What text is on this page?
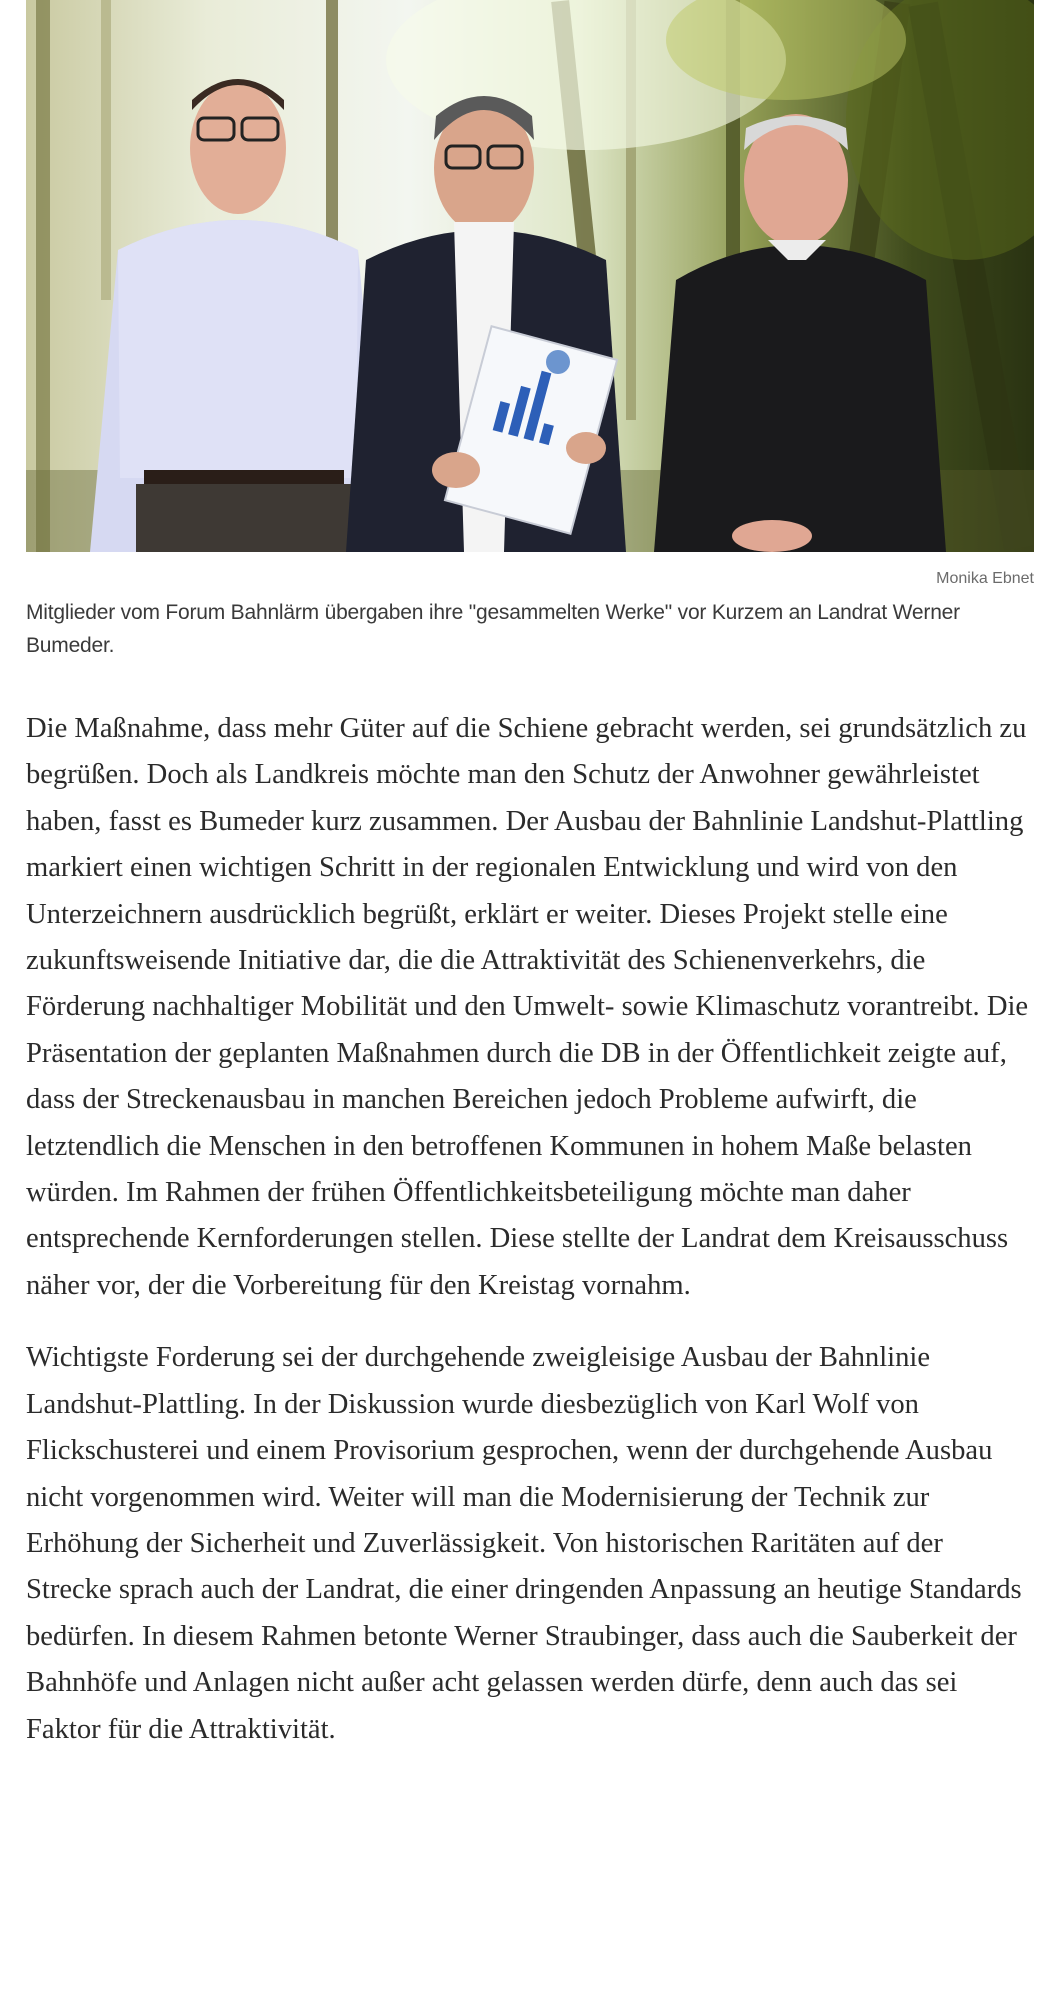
Monika Ebnet
Mitglieder vom Forum Bahnlärm übergaben ihre "gesammelten Werke" vor Kurzem an Landrat Werner Bumeder.

Die Maßnahme, dass mehr Güter auf die Schiene gebracht werden, sei grundsätzlich zu begrüßen. Doch als Landkreis möchte man den Schutz der Anwohner gewährleistet haben, fasst es Bumeder kurz zusammen. Der Ausbau der Bahnlinie Landshut-Plattling markiert einen wichtigen Schritt in der regionalen Entwicklung und wird von den Unterzeichnern ausdrücklich begrüßt, erklärt er weiter. Dieses Projekt stelle eine zukunftsweisende Initiative dar, die die Attraktivität des Schienenverkehrs, die Förderung nachhaltiger Mobilität und den Umwelt- sowie Klimaschutz vorantreibt. Die Präsentation der geplanten Maßnahmen durch die DB in der Öffentlichkeit zeigte auf, dass der Streckenausbau in manchen Bereichen jedoch Probleme aufwirft, die letztendlich die Menschen in den betroffenen Kommunen in hohem Maße belasten würden. Im Rahmen der frühen Öffentlichkeitsbeteiligung möchte man daher entsprechende Kernforderungen stellen. Diese stellte der Landrat dem Kreisausschuss näher vor, der die Vorbereitung für den Kreistag vornahm.

Wichtigste Forderung sei der durchgehende zweigleisige Ausbau der Bahnlinie Landshut-Plattling. In der Diskussion wurde diesbezüglich von Karl Wolf von Flickschusterei und einem Provisorium gesprochen, wenn der durchgehende Ausbau nicht vorgenommen wird. Weiter will man die Modernisierung der Technik zur Erhöhung der Sicherheit und Zuverlässigkeit. Von historischen Raritäten auf der Strecke sprach auch der Landrat, die einer dringenden Anpassung an heutige Standards bedürfen. In diesem Rahmen betonte Werner Straubinger, dass auch die Sauberkeit der Bahnhöfe und Anlagen nicht außer acht gelassen werden dürfe, denn auch das sei Faktor für die Attraktivität.
